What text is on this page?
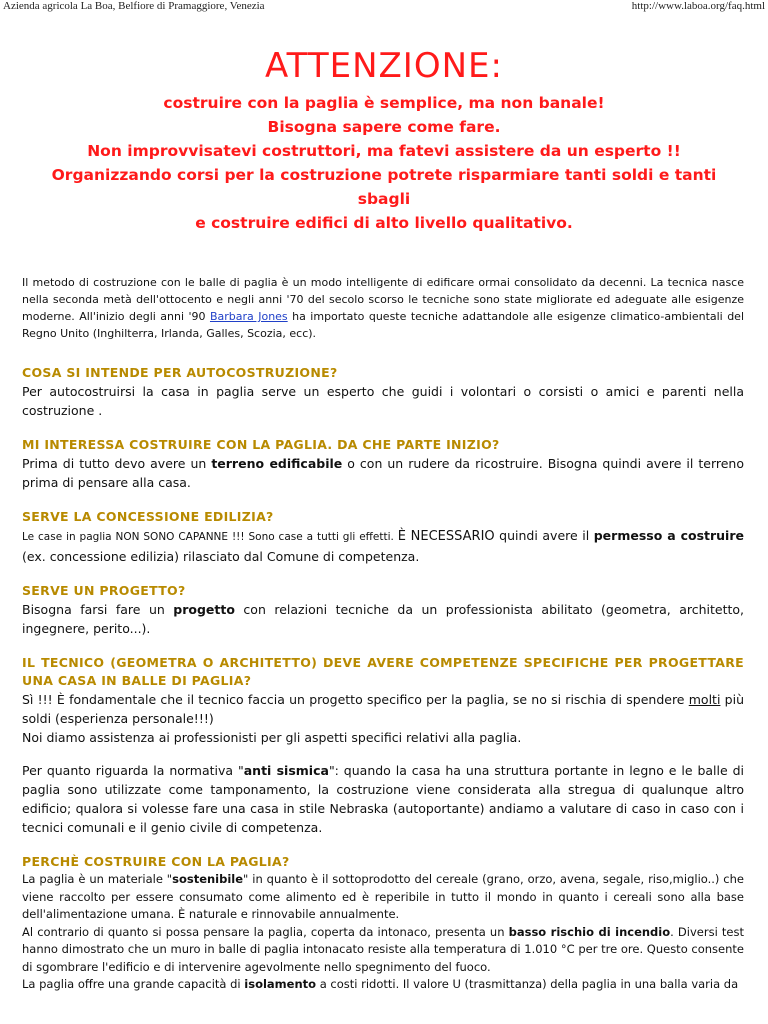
Azienda agricola La Boa, Belfiore di Pramaggiore, Venezia	http://www.laboa.org/faq.html
ATTENZIONE:
costruire con la paglia è semplice, ma non banale!
Bisogna sapere come fare.
Non improvvisatevi costruttori, ma fatevi assistere da un esperto !!
Organizzando corsi per la costruzione potrete risparmiare tanti soldi e tanti sbagli
e costruire edifici di alto livello qualitativo.

Il metodo di costruzione con le balle di paglia è un modo intelligente di edificare ormai consolidato da decenni. La tecnica nasce nella seconda metà dell'ottocento e negli anni '70 del secolo scorso le tecniche sono state migliorate ed adeguate alle esigenze moderne. All'inizio degli anni '90 Barbara Jones ha importato queste tecniche adattandole alle esigenze climatico-ambientali del Regno Unito (Inghilterra, Irlanda, Galles, Scozia, ecc).

COSA SI INTENDE PER AUTOCOSTRUZIONE?

Per autocostruirsi la casa in paglia serve un esperto che guidi i volontari o corsisti o amici e parenti nella costruzione .

MI INTERESSA COSTRUIRE CON LA PAGLIA. DA CHE PARTE INIZIO?

Prima di tutto devo avere un terreno edificabile o con un rudere da ricostruire. Bisogna quindi avere il terreno prima di pensare alla casa.

SERVE LA CONCESSIONE EDILIZIA?

Le case in paglia NON SONO CAPANNE !!! Sono case a tutti gli effetti. È NECESSARIO quindi avere il permesso a costruire (ex. concessione edilizia) rilasciato dal Comune di competenza.

SERVE UN PROGETTO?

Bisogna farsi fare un progetto con relazioni tecniche da un professionista abilitato (geometra, architetto, ingegnere, perito...).

IL TECNICO (GEOMETRA O ARCHITETTO) DEVE AVERE COMPETENZE SPECIFICHE PER PROGETTARE UNA CASA IN BALLE DI PAGLIA?

Sì !!! È fondamentale che il tecnico faccia un progetto specifico per la paglia, se no si rischia di spendere molti più soldi (esperienza personale!!!)
Noi diamo assistenza ai professionisti per gli aspetti specifici relativi alla paglia.

Per quanto riguarda la normativa "anti sismica": quando la casa ha una struttura portante in legno e le balle di paglia sono utilizzate come tamponamento, la costruzione viene considerata alla stregua di qualunque altro edificio; qualora si volesse fare una casa in stile Nebraska (autoportante) andiamo a valutare di caso in caso con i tecnici comunali e il genio civile di competenza.

PERCHÈ COSTRUIRE CON LA PAGLIA?

La paglia è un materiale "sostenibile" in quanto è il sottoprodotto del cereale (grano, orzo, avena, segale, riso,miglio..) che viene raccolto per essere consumato come alimento ed è reperibile in tutto il mondo in quanto i cereali sono alla base dell'alimentazione umana. È naturale e rinnovabile annualmente.
Al contrario di quanto si possa pensare la paglia, coperta da intonaco, presenta un basso rischio di incendio. Diversi test hanno dimostrato che un muro in balle di paglia intonacato resiste alla temperatura di 1.010 °C per tre ore. Questo consente di sgombrare l'edificio e di intervenire agevolmente nello spegnimento del fuoco.
La paglia offre una grande capacità di isolamento a costi ridotti. Il valore U (trasmittanza) della paglia in una balla varia da
